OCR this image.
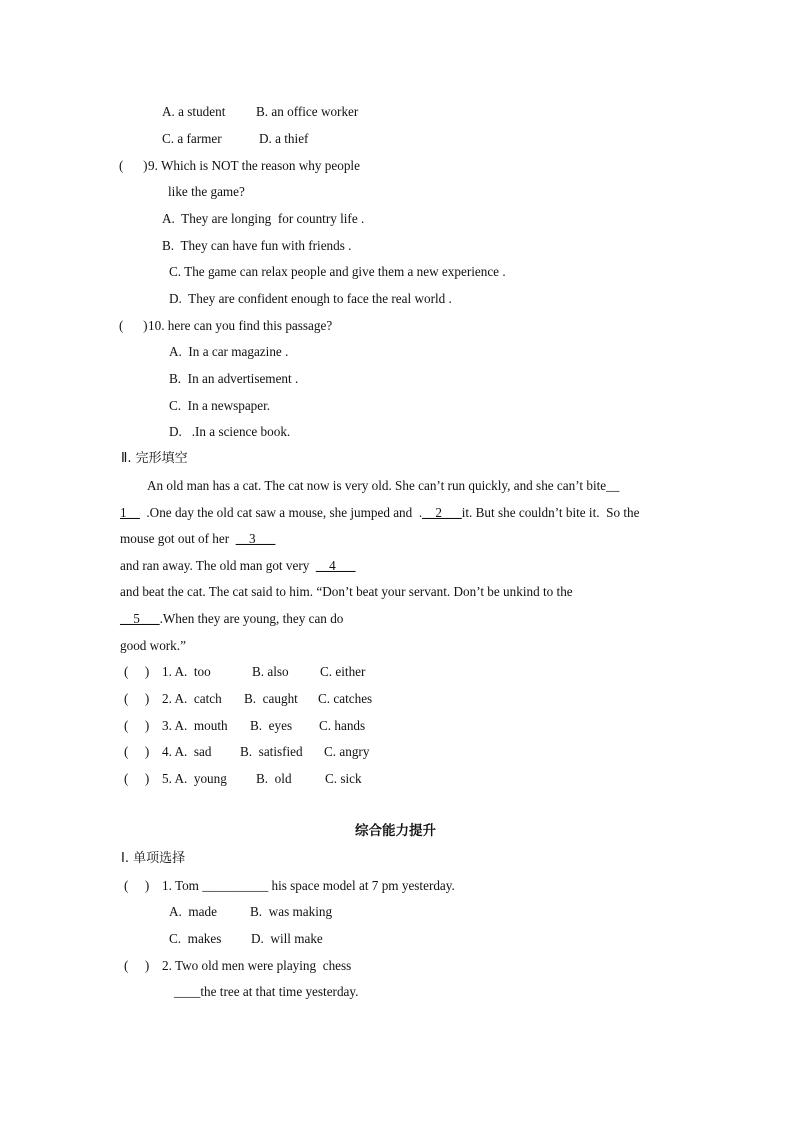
A. a student B. an office worker
C. a farmer	D. a thief
(      ) 9. Which is NOT the reason why people
like the game?
A.  They are longing  for country life .
B.  They can have fun with friends .
C. The game can relax people and give them a new experience .
D.  They are confident enough to face the real world .
(      ) 10. here can you find this passage?
A.  In a car magazine .
B.  In an advertisement .
C.  In a newspaper.
D.   .In a science book.
Ⅱ. 完形填空
An old man has a cat. The cat now is very old. She can’t run quickly, and she can’t bite__
1__  .One day the old cat saw a mouse, she jumped and  .__2___it. But she couldn’t bite it.  So the
mouse got out of her  __3___
and ran away. The old man got very  __4___
and beat the cat. The cat said to him. “Don’t beat your servant. Don’t be unkind to the
__5___.When they are young, they can do
good work.”
(     ) 1. A.  too	B. also C. either
(     ) 2. A.  catch B.  caught C. catches
(     ) 3. A.  mouth B.  eyes C. hands
(     ) 4. A.  sad B.  satisfied C. angry
(     ) 5. A.  young B.  old	C. sick
综合能力提升
Ⅰ. 单项选择
(     ) 1. Tom __________ his space model at 7 pm yesterday.
A.  made	B.  was making
C.  makes D.  will make
(     ) 2. Two old men were playing  chess
____the tree at that time yesterday.
